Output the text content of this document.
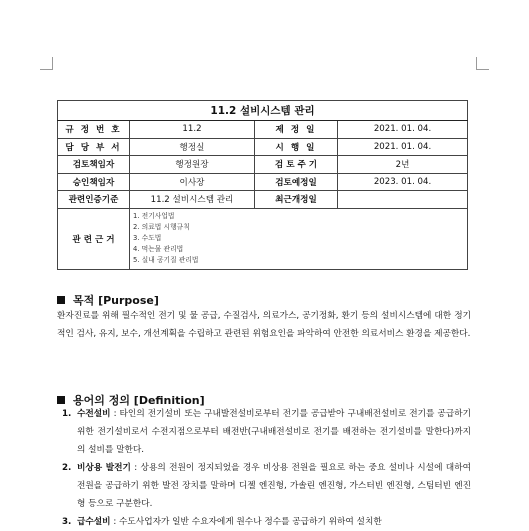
11.2 설비시스템 관리			
규 정 번 호	11.2	제 정 일	2021. 01. 04.
담 당 부 서	행정실	시 행 일	2021. 01. 04.
검토책임자	행정원장	검 토 주 기	2년
승인책임자	이사장	검토예정일	2023. 01. 04.
관련인증기준	11.2 설비시스템 관리	최근개정일	
관 련 근 거	1. 전기사업법
2. 의료법 시행규칙
3. 수도법
4. 먹는물 관리법
5. 실내 공기질 관리법		
목적 [Purpose]
환자진료를 위해 필수적인 전기 및 물 공급, 수질검사, 의료가스, 공기정화, 환기 등의 설비시스템에 대한 정기적인 검사, 유지, 보수, 개선계획을 수립하고 관련된 위험요인을 파악하여 안전한 의료서비스 환경을 제공한다.
용어의 정의 [Definition]
1. 수전설비 : 타인의 전기설비 또는 구내발전설비로부터 전기를 공급받아 구내배전설비로 전기를 공급하기 위한 전기설비로서 수전지점으로부터 배전반(구내배전설비로 전기를 배전하는 전기설비를 말한다)까지의 설비를 말한다.
2. 비상용 발전기 : 상용의 전원이 정지되었을 경우 비상용 전원을 필요로 하는 중요 설비나 시설에 대하여 전원을 공급하기 위한 발전 장치를 말하며 디젤 엔진형, 가솔린 엔진형, 가스터빈 엔진형, 스팀터빈 엔진형 등으로 구분한다.
3. 급수설비 : 수도사업자가 일반 수요자에게 원수나 정수를 공급하기 위하여 설치한
